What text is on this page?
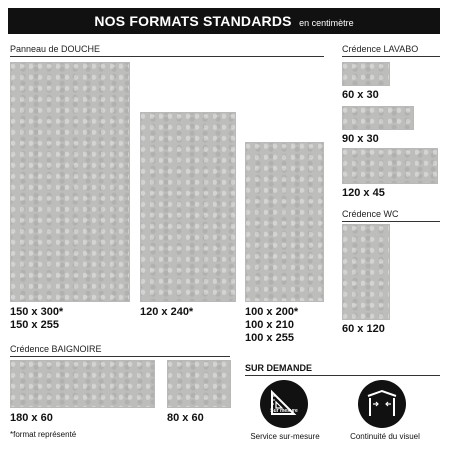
NOS FORMATS STANDARDS en centimètre
Panneau de DOUCHE
150 x 300*
150 x 255
120 x 240*	100 x 200*
100 x 210
100 x 255
Crédence LAVABO
60 x 30
90 x 30
120 x 45
Crédence WC
60 x 120
Crédence BAIGNOIRE
180 x 60	80 x 60
*format représenté
SUR DEMANDE
Sur mesure
Service sur-mesure	Continuité du visuel
